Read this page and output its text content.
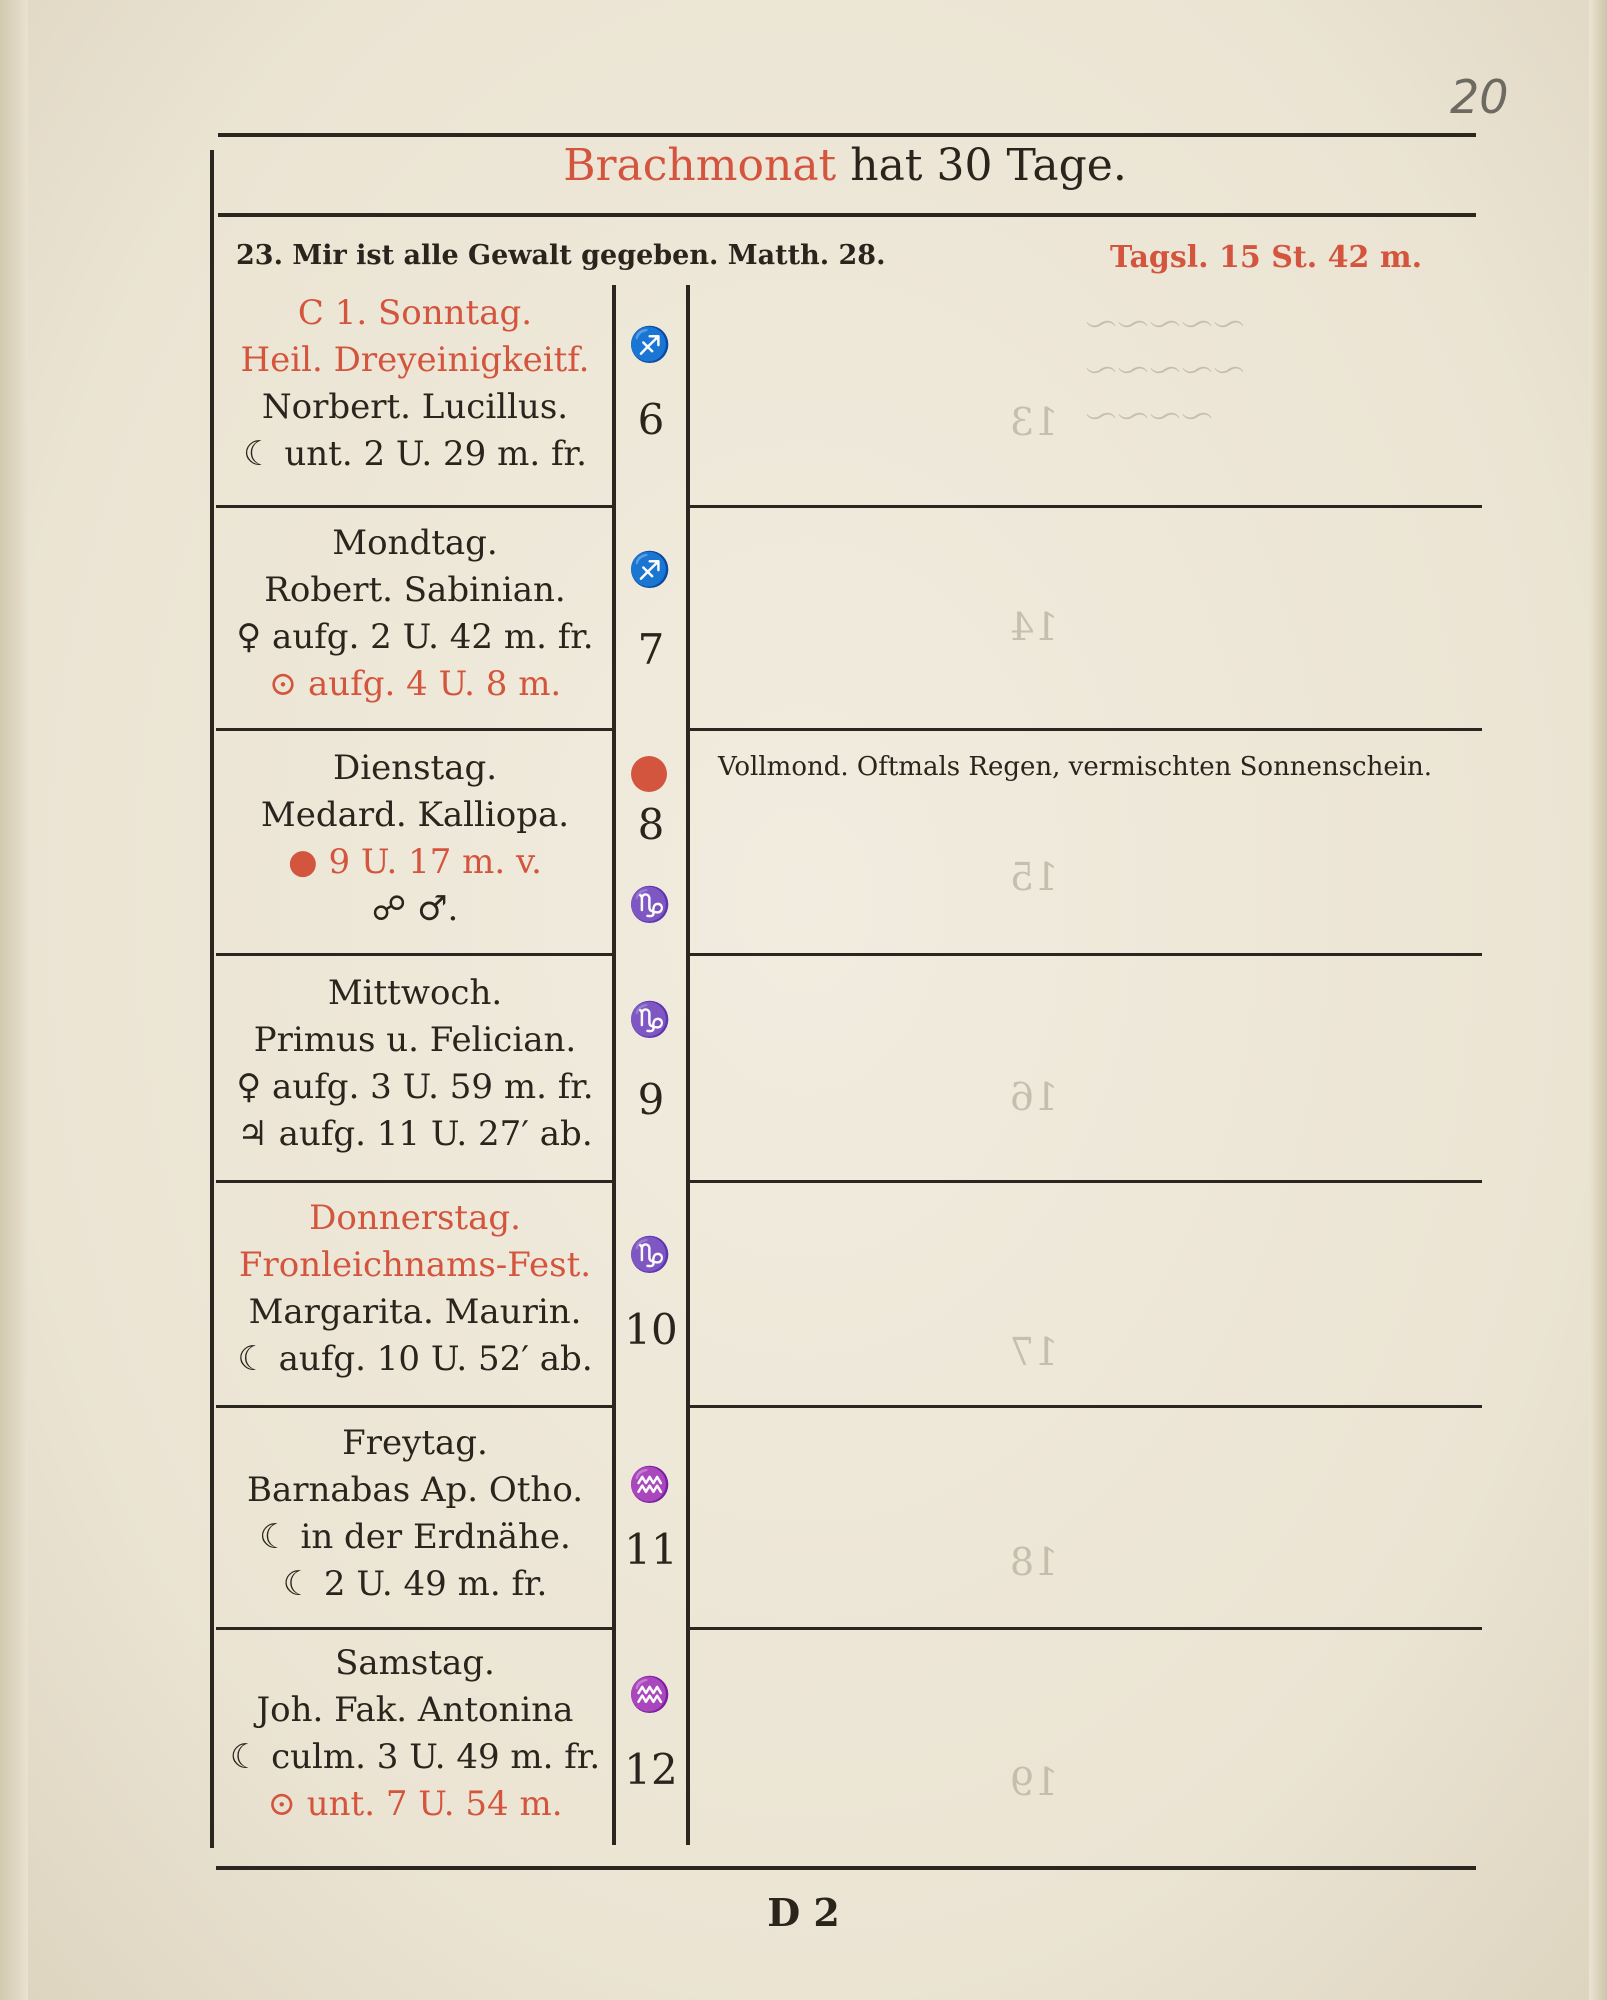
20
〜〜〜〜〜
〜〜〜〜〜
〜〜〜〜
13
14
15
16
17
18
19
Brachmonat hat 30 Tage.
23. Mir ist alle Gewalt gegeben. Matth. 28.	Tagsl. 15 St. 42 m.
C 1. Sonntag.
Heil. Dreyeinigkeitf.
Norbert. Lucillus.
☾ unt. 2 U. 29 m. fr.
6
♐
Mondtag.
Robert. Sabinian.
♀ aufg. 2 U. 42 m. fr.
⊙ aufg. 4 U. 8 m.
7
♐
Dienstag.
Medard. Kalliopa.
● 9 U. 17 m. v.
☍ ♂.
8
♑
Mittwoch.
Primus u. Felician.
♀ aufg. 3 U. 59 m. fr.
♃ aufg. 11 U. 27′ ab.
9
♑
Donnerstag.
Fronleichnams-Fest.
Margarita. Maurin.
☾ aufg. 10 U. 52′ ab.
10
♑
Freytag.
Barnabas Ap. Otho.
☾ in der Erdnähe.
☾ 2 U. 49 m. fr.
11
♒
Samstag.
Joh. Fak. Antonina
☾ culm. 3 U. 49 m. fr.
⊙ unt. 7 U. 54 m.
12
♒
Vollmond. Oftmals Regen, vermischten Sonnenschein.
D 2
